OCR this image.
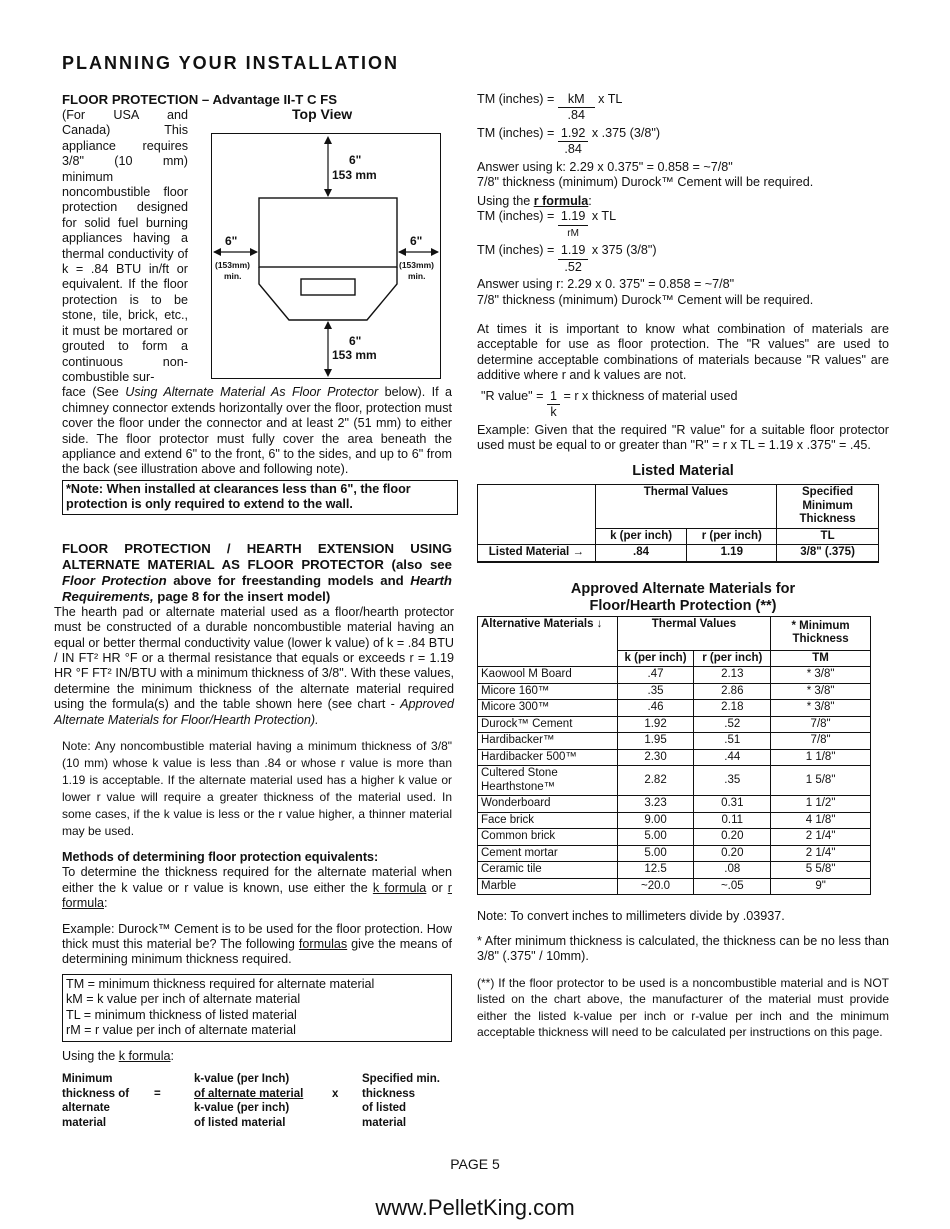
PLANNING YOUR INSTALLATION
FLOOR PROTECTION – Advantage II-T C FS
(For USA and Canada) This appliance requires 3/8" (10 mm) minimum noncombustible floor protection designed for solid fuel burning appliances having a thermal conductivity of k = .84 BTU in/ft or equivalent. If the floor protection is to be stone, tile, brick, etc., it must be mortared or grouted to form a continuous non-combustible sur-
Top View
6"
153 mm
6"
153 mm
6"
(153mm)
min.
6"
(153mm)
min.
face (See Using Alternate Material As Floor Protector below). If a chimney connector extends horizontally over the floor, protection must cover the floor under the connector and at least 2" (51 mm) to either side. The floor protector must fully cover the area beneath the appliance and extend 6" to the front, 6" to the sides, and up to 6" from the back (see illustration above and following note).
*Note: When installed at clearances less than 6", the floor protection is only required to extend to the wall.
FLOOR PROTECTION / HEARTH EXTENSION USING ALTERNATE MATERIAL AS FLOOR PROTECTOR (also see Floor Protection above for freestanding models and Hearth Requirements, page 8 for the insert model)
The hearth pad or alternate material used as a floor/hearth protector must be constructed of a durable noncombustible material having an equal or better thermal conductivity value (lower k value) of k = .84 BTU / IN FT² HR °F or a thermal resistance that equals or exceeds r = 1.19 HR °F FT² IN/BTU with a minimum thickness of 3/8". With these values, determine the minimum thickness of the alternate material required using the formula(s) and the table shown here (see chart - Approved Alternate Materials for Floor/Hearth Protection).
Note: Any noncombustible material having a minimum thickness of 3/8" (10 mm) whose k value is less than .84 or whose r value is more than 1.19 is acceptable. If the alternate material used has a higher k value or lower r value will require a greater thickness of the material used. In some cases, if the k value is less or the r value higher, a thinner material may be used.
Methods of determining floor protection equivalents:
To determine the thickness required for the alternate material when either the k value or r value is known, use either the k formula or r formula:
Example: Durock™ Cement is to be used for the floor protection. How thick must this material be? The following formulas give the means of determining minimum thickness required.
TM = minimum thickness required for alternate material
kM = k value per inch of alternate material
TL = minimum thickness of listed material
rM = r value per inch of alternate material
Using the k formula:
Minimum
thickness of
alternate
material
=
k-value (per Inch)
of alternate material
k-value (per inch)
of listed material
x
Specified min.
thickness
of listed
material
TM (inches) = $\frac{kM}{.84}$ x TL
TM (inches) = $\frac{1.92}{.84}$ x .375 (3/8")
Answer using k: 2.29 x 0.375" = 0.858 = ~7/8"
7/8" thickness (minimum) Durock™ Cement will be required.
Using the r formula:
TM (inches) = $\frac{1.19}{rM}$ x TL
TM (inches) = $\frac{1.19}{.52}$ x 375 (3/8")
Answer using r: 2.29 x 0. 375" = 0.858 = ~7/8"
7/8" thickness (minimum) Durock™ Cement will be required.
At times it is important to know what combination of materials are acceptable for use as floor protection. The "R values" are used to determine acceptable combinations of materials because "R values" are additive where r and k values are not.
"R value" = $\frac{1}{k} = r$ x thickness of material used
Example: Given that the required "R value" for a suitable floor protector used must be equal to or greater than "R" = r x TL = 1.19 x .375" = .45.
Listed Material
	Thermal Values		Specified Minimum Thickness
	k (per inch)	r (per inch)	TL
Listed Material →	.84	1.19	3/8" (.375)
Approved Alternate Materials for
Floor/Hearth Protection (**)
Alternative Materials ↓	Thermal Values		* Minimum Thickness
	k (per inch)	r (per inch)	TM
Kaowool M Board	.47	2.13	* 3/8"
Micore 160™	.35	2.86	* 3/8"
Micore 300™	.46	2.18	* 3/8"
Durock™ Cement	1.92	.52	7/8"
Hardibacker™	1.95	.51	7/8"
Hardibacker 500™	2.30	.44	1 1/8"
Cultered Stone Hearthstone™	2.82	.35	1 5/8"
Wonderboard	3.23	0.31	1 1/2"
Face brick	9.00	0.11	4 1/8"
Common brick	5.00	0.20	2 1/4"
Cement mortar	5.00	0.20	2 1/4"
Ceramic tile	12.5	.08	5 5/8"
Marble	~20.0	~.05	9"
Note: To convert inches to millimeters divide by .03937.
* After minimum thickness is calculated, the thickness can be no less than 3/8" (.375" / 10mm).
(**) If the floor protector to be used is a noncombustible material and is NOT listed on the chart above, the manufacturer of the material must provide either the listed k-value per inch or r-value per inch and the minimum acceptable thickness will need to be calculated per instructions on this page.
PAGE 5
www.PelletKing.com
